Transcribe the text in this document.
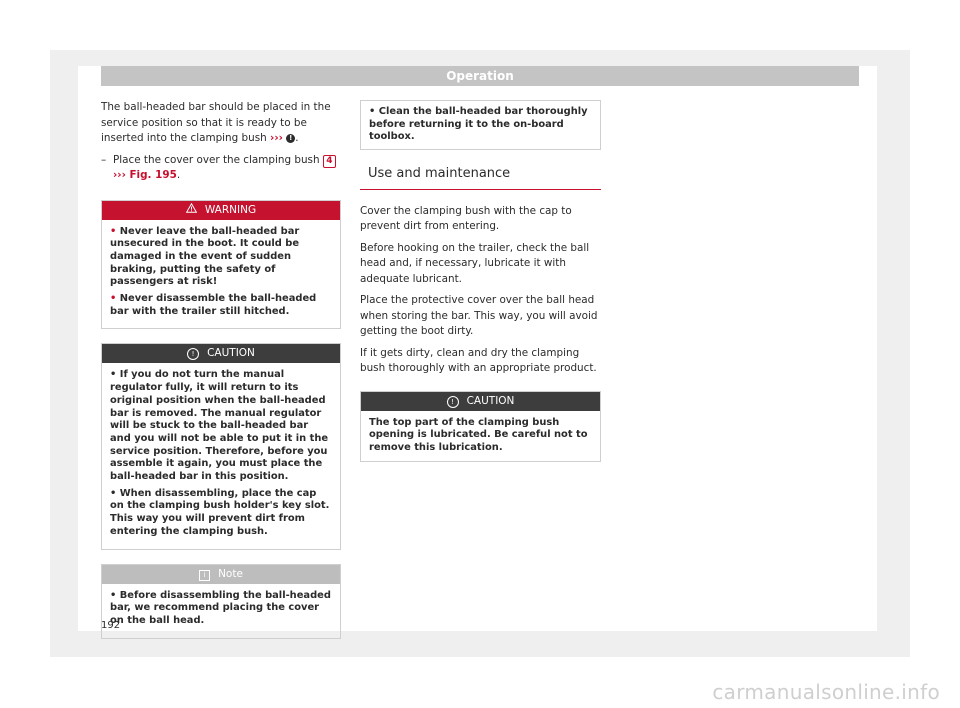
Operation

The ball-headed bar should be placed in the service position so that it is ready to be inserted into the clamping bush ››› ! .

– Place the cover over the clamping bush 4
››› Fig. 195.
WARNING
• Never leave the ball-headed bar unsecured in the boot. It could be damaged in the event of sudden braking, putting the safety of passengers at risk!
• Never disassemble the ball-headed bar with the trailer still hitched.
! CAUTION
• If you do not turn the manual regulator fully, it will return to its original position when the ball-headed bar is removed. The manual regulator will be stuck to the ball-headed bar and you will not be able to put it in the service position. Therefore, before you assemble it again, you must place the ball-headed bar in this position.
• When disassembling, place the cap on the clamping bush holder's key slot. This way you will prevent dirt from entering the clamping bush.
i Note
• Before disassembling the ball-headed bar, we recommend placing the cover on the ball head.
• Clean the ball-headed bar thoroughly before returning it to the on-board toolbox.
Use and maintenance

Cover the clamping bush with the cap to prevent dirt from entering.

Before hooking on the trailer, check the ball head and, if necessary, lubricate it with adequate lubricant.

Place the protective cover over the ball head when storing the bar. This way, you will avoid getting the boot dirty.

If it gets dirty, clean and dry the clamping bush thoroughly with an appropriate product.

! CAUTION
The top part of the clamping bush opening is lubricated. Be careful not to remove this lubrication.
192
carmanualsonline.info
